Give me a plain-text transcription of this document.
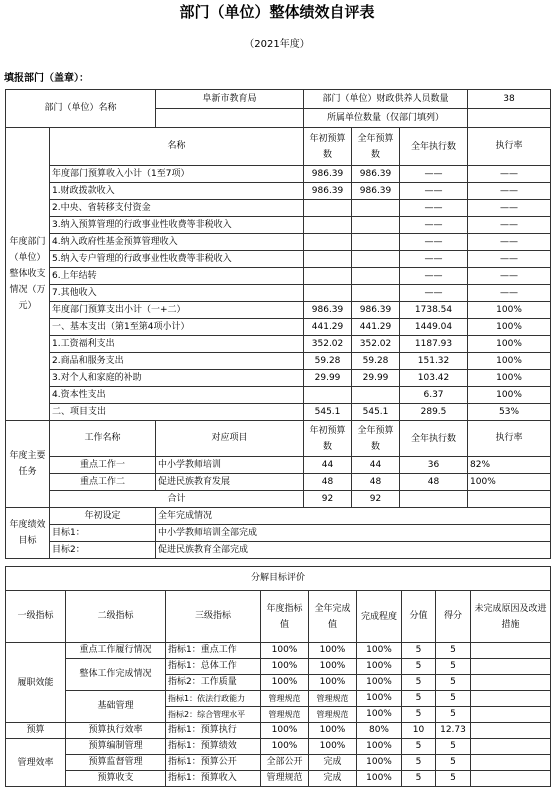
部门（单位）整体绩效自评表
（2021年度）
填报部门（盖章）：
部门（单位）名称		阜新市教育局	部门（单位）财政供养人员数量			38
			所属单位数量（仅部门填列）			
年度部门（单位）整体收支情况（万元）	名称		年初预算数	全年预算数	全年执行数	执行率
	年度部门预算收入小计（1至7项）		986.39	986.39	——	——
	1.财政拨款收入		986.39	986.39	——	——
	2.中央、省转移支付资金				——	——
	3.纳入预算管理的行政事业性收费等非税收入				——	——
	4.纳入政府性基金预算管理收入				——	——
	5.纳入专户管理的行政事业性收费等非税收入				——	——
	6.上年结转				——	——
	7.其他收入				——	——
	年度部门预算支出小计（一+二）		986.39	986.39	1738.54	100%
	一、基本支出（第1至第4项小计）		441.29	441.29	1449.04	100%
	1.工资福利支出		352.02	352.02	1187.93	100%
	2.商品和服务支出		59.28	59.28	151.32	100%
	3.对个人和家庭的补助		29.99	29.99	103.42	100%
	4.资本性支出				6.37	100%
	二、项目支出		545.1	545.1	289.5	53%
年度主要任务	工作名称	对应项目	年初预算数	全年预算数	全年执行数	执行率
	重点工作一	中小学教师培训	44	44	36	82%
	重点工作二	促进民族教育发展	48	48	48	100%
	合计		92	92		
年度绩效目标	年初设定	全年完成情况				
	目标1：	中小学教师培训全部完成				
	目标2：	促进民族教育全部完成				
分解目标评价								
一级指标	二级指标	三级指标	年度指标值	全年完成值	完成程度	分值	得分	未完成原因及改进措施
履职效能	重点工作履行情况	指标1：重点工作	100%	100%	100%	5	5	
	整体工作完成情况	指标1：总体工作	100%	100%	100%	5	5	
		指标2：工作质量	100%	100%	100%	5	5	
	基础管理	指标1：依法行政能力	管理规范	管理规范	100%	5	5	
		指标2：综合管理水平	管理规范	管理规范	100%	5	5	
预算	预算执行效率	指标1：预算执行	100%	100%	80%	10	12.73	
管理效率	预算编制管理	指标1：预算绩效	100%	100%	100%	5	5	
	预算监督管理	指标1：预算公开	全部公开	完成	100%	5	5	
	预算收支	指标1：预算收入	管理规范	完成	100%	5	5	
